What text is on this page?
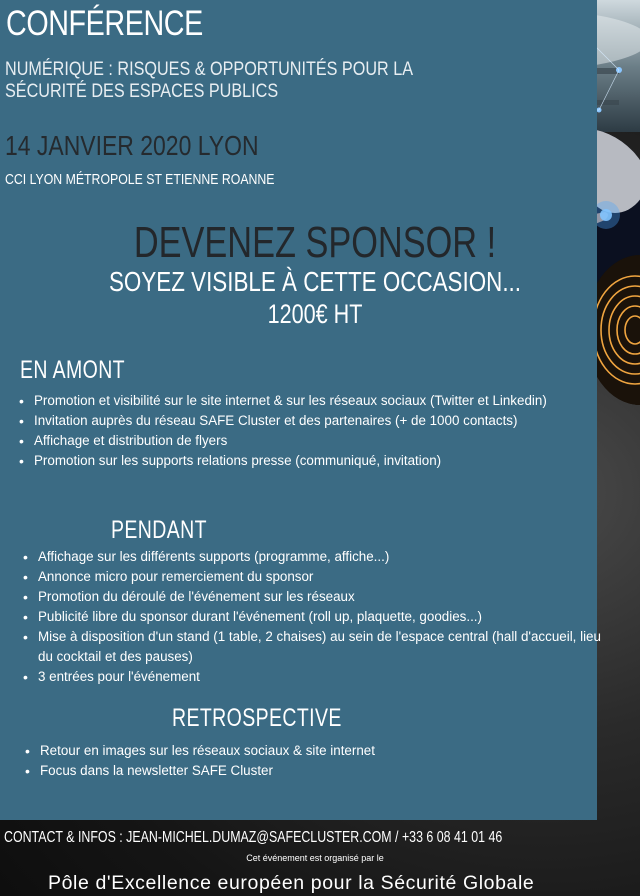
CONFÉRENCE
NUMÉRIQUE : RISQUES & OPPORTUNITÉS POUR LA SÉCURITÉ DES ESPACES PUBLICS
14 JANVIER 2020 LYON
CCI LYON MÉTROPOLE ST ETIENNE ROANNE
DEVENEZ SPONSOR !
SOYEZ VISIBLE À CETTE OCCASION...
1200€ HT
EN AMONT
• Promotion et visibilité sur le site internet & sur les réseaux sociaux (Twitter et Linkedin)
• Invitation auprès du réseau SAFE Cluster et des partenaires (+ de 1000 contacts)
• Affichage et distribution de flyers
• Promotion sur les supports relations presse (communiqué, invitation)
PENDANT
• Affichage sur les différents supports (programme, affiche...)
• Annonce micro pour remerciement du sponsor
• Promotion du déroulé de l'événement sur les réseaux
• Publicité libre du sponsor durant l'événement (roll up, plaquette, goodies...)
• Mise à disposition d'un stand (1 table, 2 chaises) au sein de l'espace central (hall d'accueil, lieu du cocktail et des pauses)
• 3 entrées pour l'événement
RETROSPECTIVE
• Retour en images sur les réseaux sociaux & site internet
• Focus dans la newsletter SAFE Cluster
CONTACT & INFOS : JEAN-MICHEL.DUMAZ@SAFECLUSTER.COM / +33 6 08 41 01 46
Cet événement est organisé par le
Pôle d'Excellence européen pour la Sécurité Globale
